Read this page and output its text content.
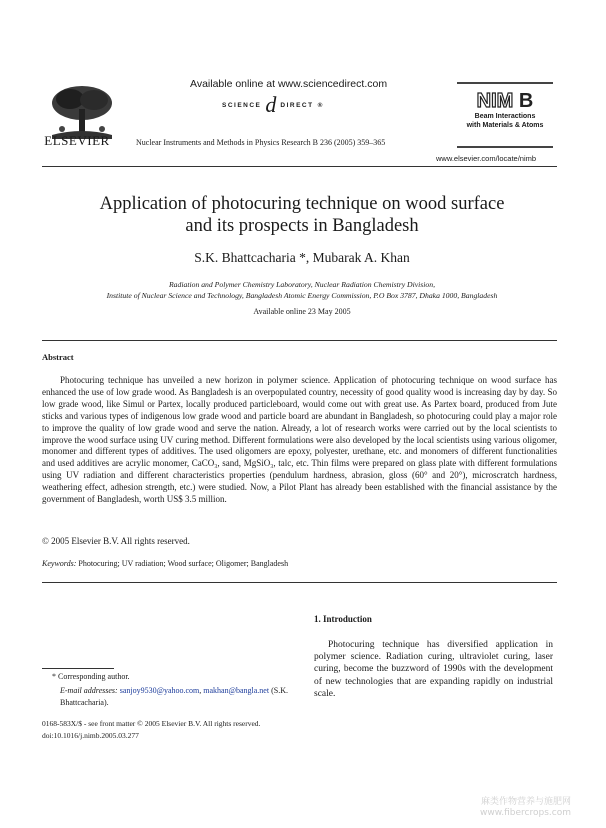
ELSEVIER
Available online at www.sciencedirect.com
SCIENCE d DIRECT ®
Nuclear Instruments and Methods in Physics Research B 236 (2005) 359–365
NIM B
Beam Interactions
with Materials & Atoms
www.elsevier.com/locate/nimb
Application of photocuring technique on wood surface
and its prospects in Bangladesh
S.K. Bhattcacharia *, Mubarak A. Khan
Radiation and Polymer Chemistry Laboratory, Nuclear Radiation Chemistry Division,
Institute of Nuclear Science and Technology, Bangladesh Atomic Energy Commission, P.O Box 3787, Dhaka 1000, Bangladesh
Available online 23 May 2005
Abstract

Photocuring technique has unveiled a new horizon in polymer science. Application of photocuring technique on wood surface has enhanced the use of low grade wood. As Bangladesh is an overpopulated country, necessity of good quality wood is increasing day by day. So low grade wood, like Simul or Partex, locally produced particleboard, would come out with great use. As Partex board, produced from Jute sticks and various types of indigenous low grade wood and particle board are abundant in Bangladesh, so photocuring could play a major role to improve the quality of low grade wood and serve the nation. Already, a lot of research works were carried out by the local scientists to improve the wood surface using UV curing method. Different formulations were also developed by the local scientists using various oligomer, monomer and different types of additives. The used oligomers are epoxy, polyester, urethane, etc. and monomers of different functionalities and used additives are acrylic monomer, CaCO₃, sand, MgSiO₃, talc, etc. Thin films were prepared on glass plate with different formulations using UV radiation and different characteristics properties (pendulum hardness, abrasion, gloss (60° and 20°), microscratch hardness, weathering effect, adhesion strength, etc.) were studied. Now, a Pilot Plant has already been established with the financial assistance by the government of Bangladesh, worth US$ 3.5 million.

© 2005 Elsevier B.V. All rights reserved.
Keywords: Photocuring; UV radiation; Wood surface; Oligomer; Bangladesh
1. Introduction

Photocuring technique has diversified application in polymer science. Radiation curing, ultraviolet curing, laser curing, become the buzzword of 1990s with the development of new technologies that are expanding rapidly on industrial scale.

* Corresponding author.
E-mail addresses: sanjoy9530@yahoo.com, makhan@bangla.net (S.K. Bhattcacharia).
0168-583X/$ - see front matter © 2005 Elsevier B.V. All rights reserved.
doi:10.1016/j.nimb.2005.03.277
麻类作物营养与施肥网
www.fibercrops.com
